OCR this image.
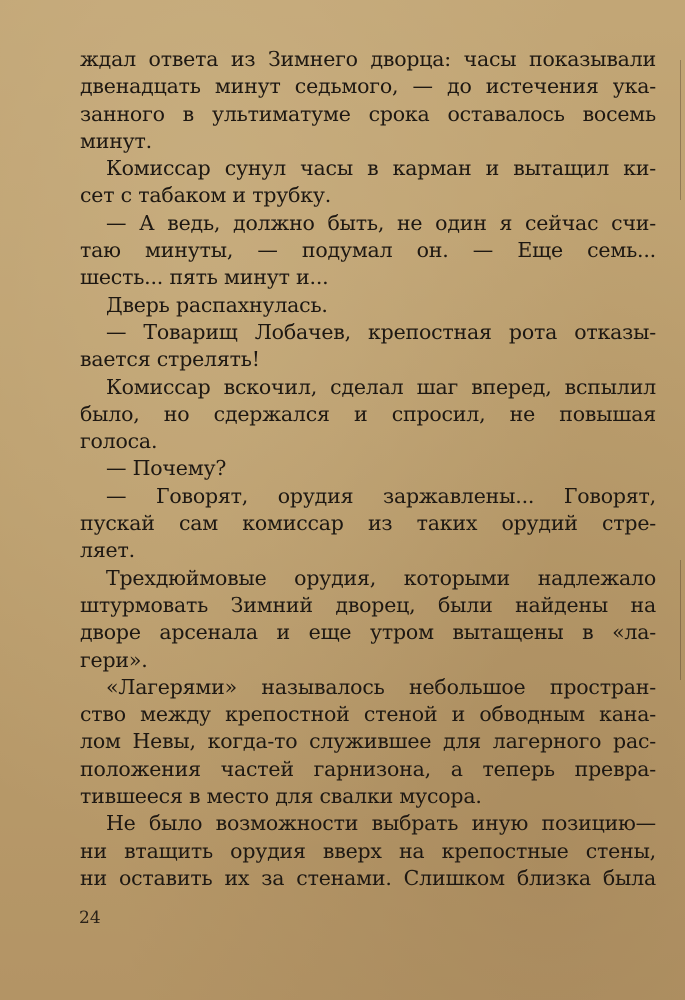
ждал ответа из Зимнего дворца: часы показывали
двенадцать минут седьмого, — до истечения ука-
занного в ультиматуме срока оставалось восемь
минут.
Комиссар сунул часы в карман и вытащил ки-
сет с табаком и трубку.
— А ведь, должно быть, не один я сейчас счи-
таю минуты, — подумал он. — Еще семь...
шесть... пять минут и...
Дверь распахнулась.
— Товарищ Лобачев, крепостная рота отказы-
вается стрелять!
Комиссар вскочил, сделал шаг вперед, вспылил
было, но сдержался и спросил, не повышая
голоса.
— Почему?
— Говорят, орудия заржавлены... Говорят,
пускай сам комиссар из таких орудий стре-
ляет.
Трехдюймовые орудия, которыми надлежало
штурмовать Зимний дворец, были найдены на
дворе арсенала и еще утром вытащены в «ла-
гери».
«Лагерями» называлось небольшое простран-
ство между крепостной стеной и обводным кана-
лом Невы, когда-то служившее для лагерного рас-
положения частей гарнизона, а теперь превра-
тившееся в место для свалки мусора.
Не было возможности выбрать иную позицию—
ни втащить орудия вверх на крепостные стены,
ни оставить их за стенами. Слишком близка была
24
